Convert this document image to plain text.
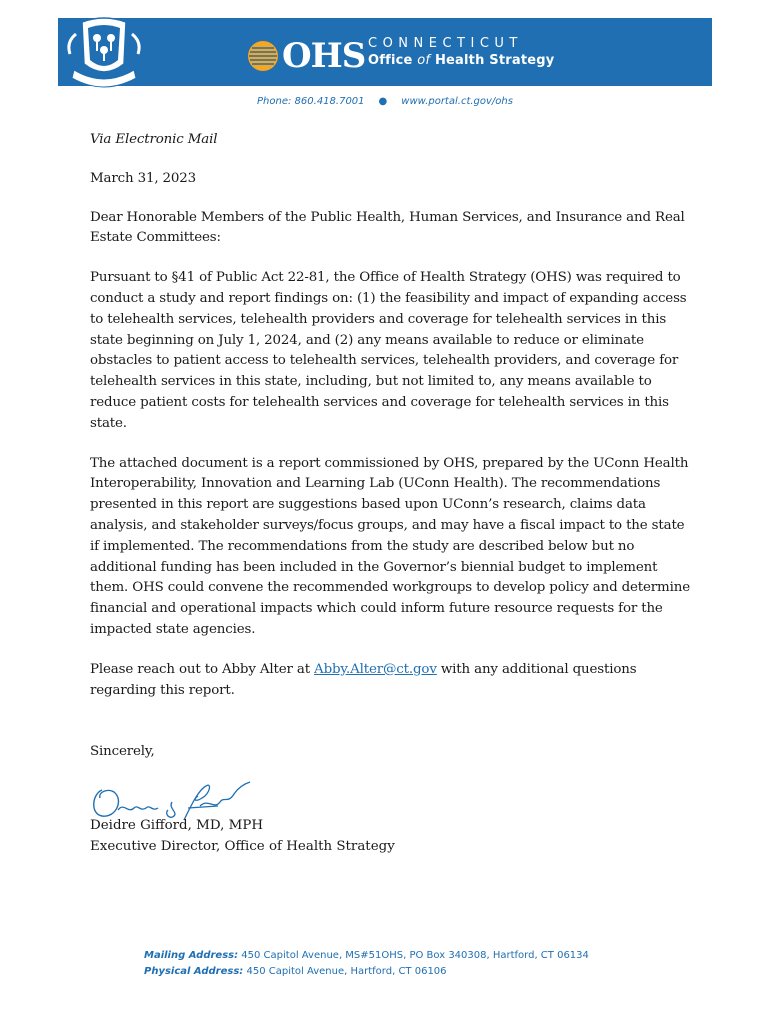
OHS CONNECTICUT
Office of Health Strategy
Phone: 860.418.7001 ● www.portal.ct.gov/ohs

Via Electronic Mail

March 31, 2023

Dear Honorable Members of the Public Health, Human Services, and Insurance and Real Estate Committees:

Pursuant to §41 of Public Act 22-81, the Office of Health Strategy (OHS) was required to conduct a study and report findings on: (1) the feasibility and impact of expanding access to telehealth services, telehealth providers and coverage for telehealth services in this state beginning on July 1, 2024, and (2) any means available to reduce or eliminate obstacles to patient access to telehealth services, telehealth providers, and coverage for telehealth services in this state, including, but not limited to, any means available to reduce patient costs for telehealth services and coverage for telehealth services in this state.

The attached document is a report commissioned by OHS, prepared by the UConn Health Interoperability, Innovation and Learning Lab (UConn Health). The recommendations presented in this report are suggestions based upon UConn’s research, claims data analysis, and stakeholder surveys/focus groups, and may have a fiscal impact to the state if implemented. The recommendations from the study are described below but no additional funding has been included in the Governor’s biennial budget to implement them. OHS could convene the recommended workgroups to develop policy and determine financial and operational impacts which could inform future resource requests for the impacted state agencies.

Please reach out to Abby Alter at Abby.Alter@ct.gov with any additional questions regarding this report.

Sincerely,

Deidre Gifford, MD, MPH
Executive Director, Office of Health Strategy
Mailing Address: 450 Capitol Avenue, MS#51OHS, PO Box 340308, Hartford, CT 06134
Physical Address: 450 Capitol Avenue, Hartford, CT 06106
